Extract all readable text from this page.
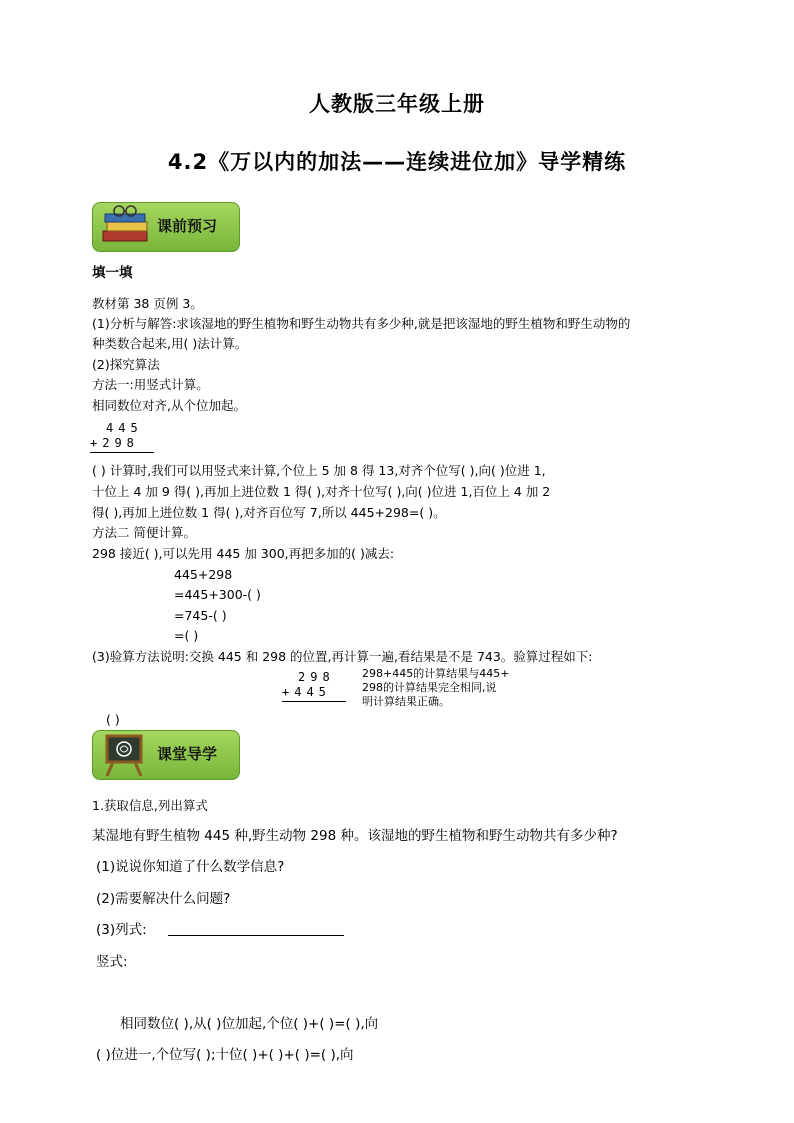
人教版三年级上册
4.2《万以内的加法——连续进位加》导学精练
课前预习
填一填
教材第 38 页例 3。
(1)分析与解答:求该湿地的野生植物和野生动物共有多少种,就是把该湿地的野生植物和野生动物的
种类数合起来,用( )法计算。
(2)探究算法
方法一:用竖式计算。
相同数位对齐,从个位加起。
445
+298
( ) 计算时,我们可以用竖式来计算,个位上 5 加 8 得 13,对齐个位写( ),向( )位进 1,
十位上 4 加 9 得( ),再加上进位数 1 得( ),对齐十位写( ),向( )位进 1,百位上 4 加 2
得( ),再加上进位数 1 得( ),对齐百位写 7,所以 445+298=( )。
方法二 简便计算。
298 接近( ),可以先用 445 加 300,再把多加的( )减去:
445+298
=445+300-( )
=745-( )
=( )
(3)验算方法说明:交换 445 和 298 的位置,再计算一遍,看结果是不是 743。验算过程如下:
298
+445
298+445的计算结果与445+
298的计算结果完全相同,说
明计算结果正确。
( )
课堂导学
1.获取信息,列出算式
某湿地有野生植物 445 种,野生动物 298 种。该湿地的野生植物和野生动物共有多少种?
(1)说说你知道了什么数学信息?
(2)需要解决什么问题?
(3)列式:
竖式:
相同数位( ),从( )位加起,个位( )+( )=( ),向
( )位进一,个位写( );十位( )+( )+( )=( ),向
